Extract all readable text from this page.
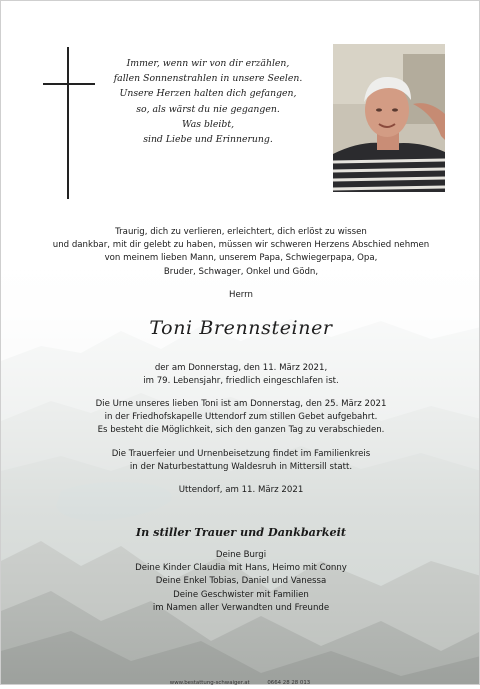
Immer, wenn wir von dir erzählen,
fallen Sonnenstrahlen in unsere Seelen.
Unsere Herzen halten dich gefangen,
so, als wärst du nie gegangen.
Was bleibt,
sind Liebe und Erinnerung.
Traurig, dich zu verlieren, erleichtert, dich erlöst zu wissen
und dankbar, mit dir gelebt zu haben, müssen wir schweren Herzens Abschied nehmen
von meinem lieben Mann, unserem Papa, Schwiegerpapa, Opa,
Bruder, Schwager, Onkel und Gödn,
Herrn
Toni Brennsteiner
der am Donnerstag, den 11. März 2021,
im 79. Lebensjahr, friedlich eingeschlafen ist.
Die Urne unseres lieben Toni ist am Donnerstag, den 25. März 2021
in der Friedhofskapelle Uttendorf zum stillen Gebet aufgebahrt.
Es besteht die Möglichkeit, sich den ganzen Tag zu verabschieden.
Die Trauerfeier und Urnenbeisetzung findet im Familienkreis
in der Naturbestattung Waldesruh in Mittersill statt.
Uttendorf, am 11. März 2021
In stiller Trauer und Dankbarkeit
Deine Burgi
Deine Kinder Claudia mit Hans, Heimo mit Conny
Deine Enkel Tobias, Daniel und Vanessa
Deine Geschwister mit Familien
im Namen aller Verwandten und Freunde
www.bestattung-schwaiger.at	0664 28 28 013
